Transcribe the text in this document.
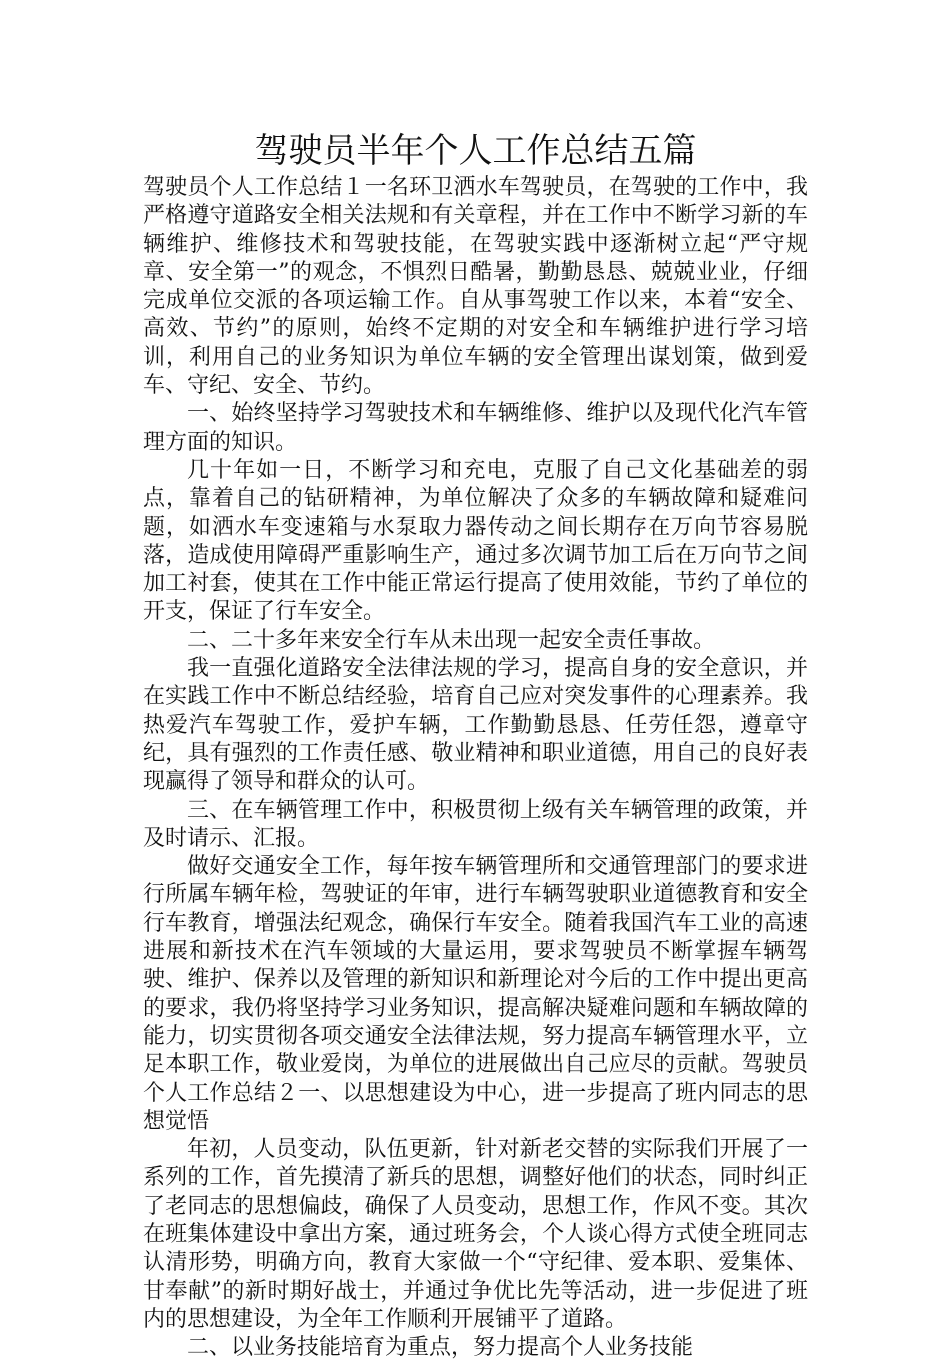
驾驶员半年个人工作总结五篇

驾驶员个人工作总结１一名环卫洒水车驾驶员，在驾驶的工作中，我严格遵守道路安全相关法规和有关章程，并在工作中不断学习新的车辆维护、维修技术和驾驶技能，在驾驶实践中逐渐树立起“严守规章、安全第一”的观念，不惧烈日酷暑，勤勤恳恳、兢兢业业，仔细完成单位交派的各项运输工作。自从事驾驶工作以来，本着“安全、高效、节约”的原则，始终不定期的对安全和车辆维护进行学习培训，利用自己的业务知识为单位车辆的安全管理出谋划策，做到爱车、守纪、安全、节约。

一、始终坚持学习驾驶技术和车辆维修、维护以及现代化汽车管理方面的知识。

几十年如一日，不断学习和充电，克服了自己文化基础差的弱点，靠着自己的钻研精神，为单位解决了众多的车辆故障和疑难问题，如洒水车变速箱与水泵取力器传动之间长期存在万向节容易脱落，造成使用障碍严重影响生产，通过多次调节加工后在万向节之间加工衬套，使其在工作中能正常运行提高了使用效能，节约了单位的开支，保证了行车安全。

二、二十多年来安全行车从未出现一起安全责任事故。

我一直强化道路安全法律法规的学习，提高自身的安全意识，并在实践工作中不断总结经验，培育自己应对突发事件的心理素养。我热爱汽车驾驶工作，爱护车辆，工作勤勤恳恳、任劳任怨，遵章守纪，具有强烈的工作责任感、敬业精神和职业道德，用自己的良好表现赢得了领导和群众的认可。

三、在车辆管理工作中，积极贯彻上级有关车辆管理的政策，并及时请示、汇报。

做好交通安全工作，每年按车辆管理所和交通管理部门的要求进行所属车辆年检，驾驶证的年审，进行车辆驾驶职业道德教育和安全行车教育，增强法纪观念，确保行车安全。随着我国汽车工业的高速进展和新技术在汽车领域的大量运用，要求驾驶员不断掌握车辆驾驶、维护、保养以及管理的新知识和新理论对今后的工作中提出更高的要求，我仍将坚持学习业务知识，提高解决疑难问题和车辆故障的能力，切实贯彻各项交通安全法律法规，努力提高车辆管理水平，立足本职工作，敬业爱岗，为单位的进展做出自己应尽的贡献。驾驶员个人工作总结２一、以思想建设为中心，进一步提高了班内同志的思想觉悟

年初，人员变动，队伍更新，针对新老交替的实际我们开展了一系列的工作，首先摸清了新兵的思想，调整好他们的状态，同时纠正了老同志的思想偏歧，确保了人员变动，思想工作，作风不变。其次在班集体建设中拿出方案，通过班务会，个人谈心得方式使全班同志认清形势，明确方向，教育大家做一个“守纪律、爱本职、爱集体、甘奉献”的新时期好战士，并通过争优比先等活动，进一步促进了班内的思想建设，为全年工作顺利开展铺平了道路。

二、以业务技能培育为重点，努力提高个人业务技能
